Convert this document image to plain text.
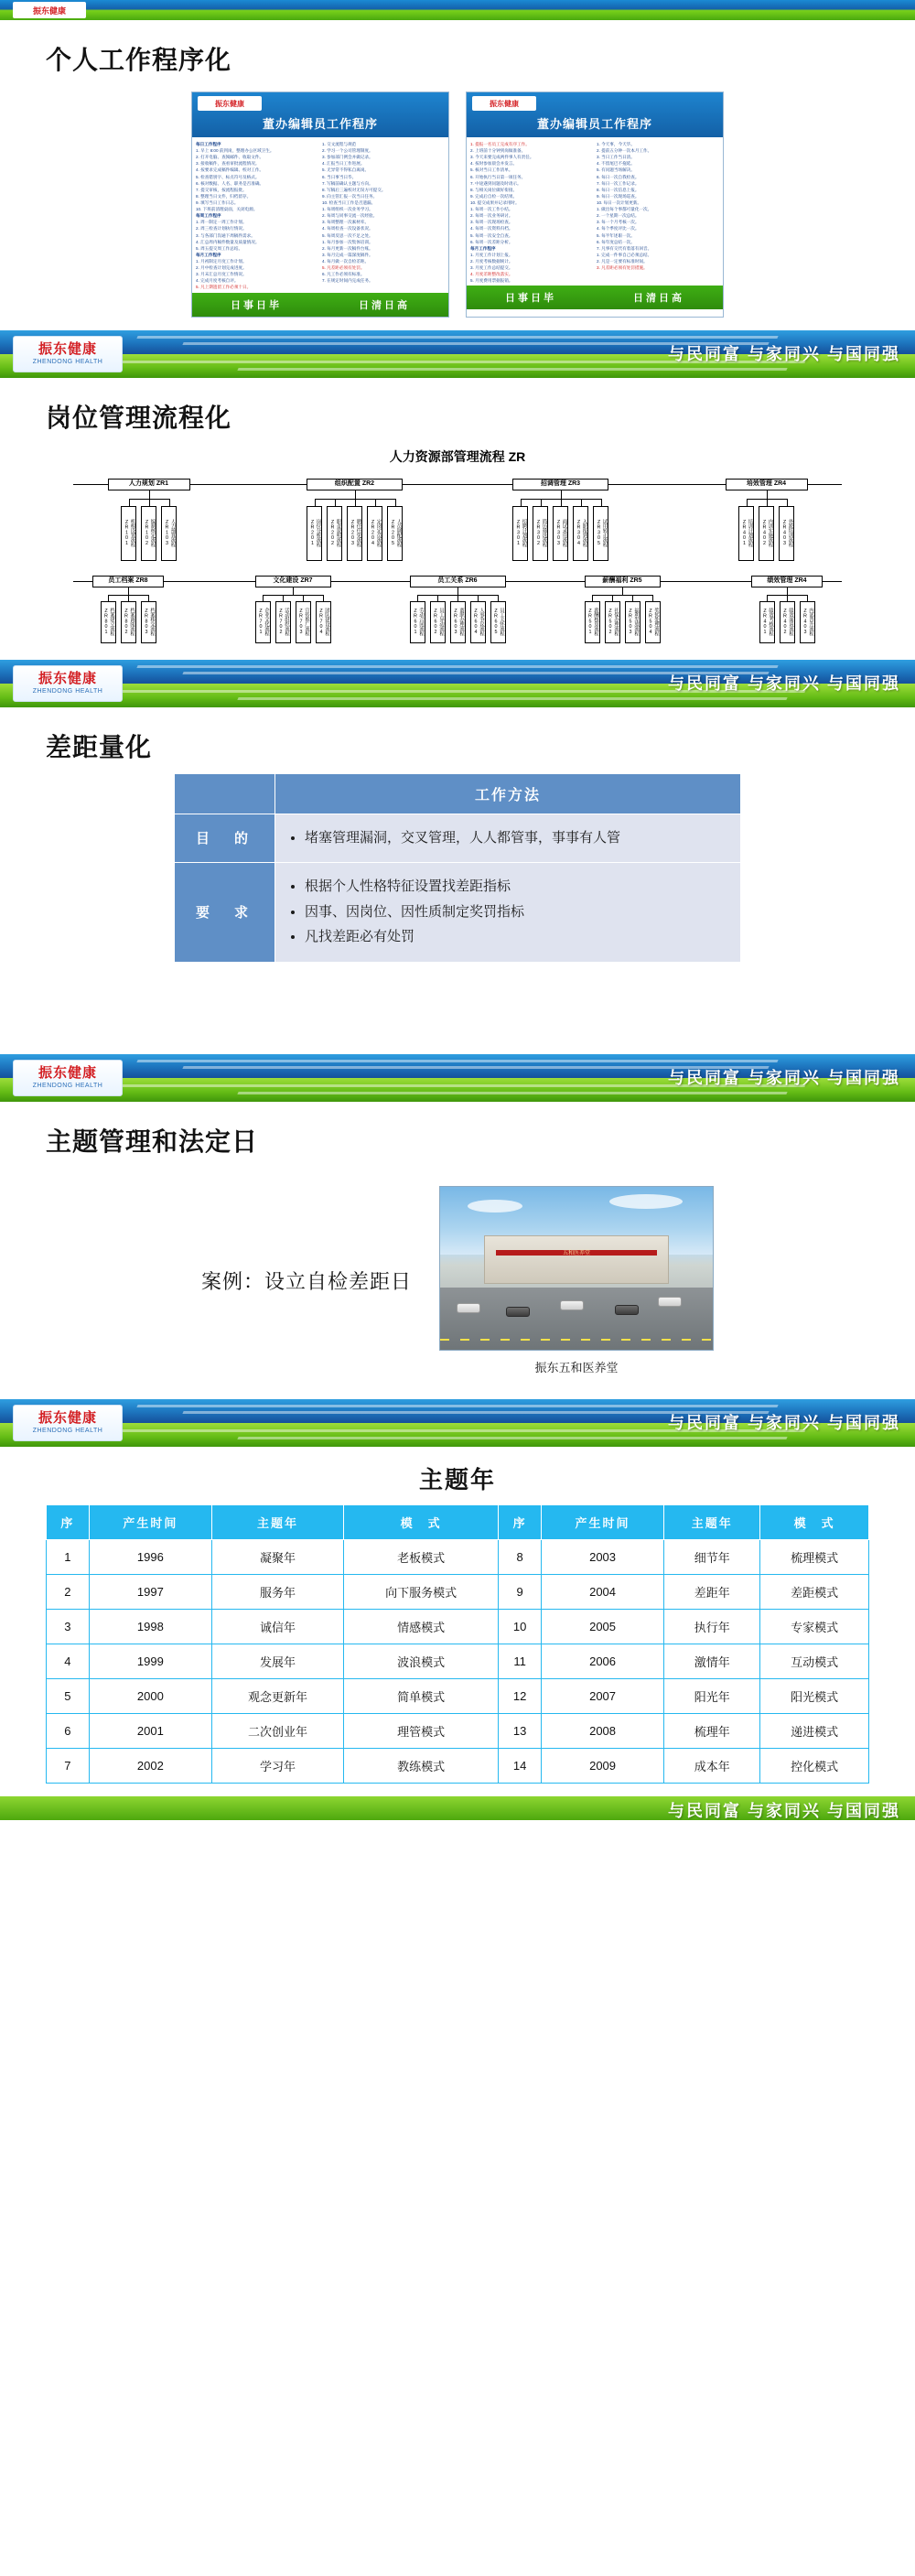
振东健康
个人工作程序化
振东健康
董办编辑员工作程序
每日工作程序
1. 早上 8:00 前到岗，整理办公区域卫生。
2. 打开电脑、查阅邮件、收取文件。
3. 接收稿件，查看审批流程情况。
4. 按要求完成稿件编辑、校对工作。
5. 检查错别字、标点符号及格式。
6. 核对数据、人名、职务是否准确。
7. 提交审核，按流程报批。
8. 整理当日文件，归档留存。
9. 填写当日工作日志。
10. 下班前清理桌面，关闭电源。
每周工作程序
1. 周一制定一周工作计划。
2. 周三检查计划执行情况。
3. 与各部门沟通下周稿件需求。
4. 汇总周内稿件数量及质量情况。
5. 周五提交周工作总结。
每月工作程序
1. 月初制定月度工作计划。
2. 月中检查计划完成进度。
3. 月末汇总月度工作情况。
4. 完成月度考核自评。
5. 凡上期遗留工作必须十日。
1. 交文流程与规范
2. 学习一个公司管理制度。
3. 参加部门例会并做记录。
4. 汇报当日工作进展。
5. 无异常不得私自离岗。
6. 当日事当日毕。
7. 写稿前确认主题与方向。
8. 写稿后三遍校对无误方可提交。
9. 向主管汇报一次当日任务。
10. 检查当日工作是否遗漏。
1. 每周组织一次业务学习。
2. 每周与同事交流一次经验。
3. 每周整理一次素材库。
4. 每周检查一次设备状况。
5. 每周反思一次不足之处。
1. 每月参加一次集体培训。
2. 每月更新一次稿件台账。
3. 每月完成一篇深度稿件。
4. 每月做一次自检差距。
5. 凡差距必须有处罚。
6. 凡工作必须有标准。
7. 在规定时间内完成任务。
日事日毕	日清日高
振东健康
董办编辑员工作程序
1. 提报一名员工完成有序工作。
2. 上班前十分钟到岗做准备。
3. 今天来要完成两件事人有责任。
4. 按时参加晨会并发言。
5. 核对当日工作清单。
6. 开始执行当日第一项任务。
7. 中途遇到问题及时请示。
8. 与相关岗位做好衔接。
9. 完成后自检一次结果。
10. 提交成果并记录用时。
1. 每周一次工作小结。
2. 每周一次业务研讨。
3. 每周一次现场检查。
4. 每周一次资料归档。
5. 每周一次安全自查。
6. 每周一次差距分析。
每月工作程序
1. 月度工作计划上报。
2. 月度考核数据统计。
3. 月度工作总结提交。
4. 月度差距整改落实。
5. 月度费用票据报销。
1. 今天事，今天毕。
2. 提前五分钟一次本月工作。
3. 当日工作当日清。
4. 不留尾巴不拖延。
5. 有问题当场解决。
6. 每日一次自我检查。
7. 每日一次工作记录。
8. 每日一次信息上报。
9. 每日一次现场巡查。
10. 每日一次计划更新。
1. 做出每个事都可量化一次。
2. 一个星期一次总结。
3. 每一个月考核一次。
4. 每个季度评比一次。
5. 每半年述职一次。
6. 每年度总结一次。
7. 凡事有交代有着落有回音。
1. 完成一件事自己必须总结。
2. 凡是一定要有标准时间。
3. 凡差距必须有处罚措施。
日事日毕	日清日高
振东健康
ZHENDONG HEALTH	与民同富 与家同兴 与国同强
岗位管理流程化
人力资源部管理流程 ZR
人力规划 ZR1
机构设置流程 ZR101	编制核定流程 ZR102	人力预算流程 ZR103
组织配置 ZR2
岗位分析流程 ZR201	职责说明流程 ZR202	聘任任免流程 ZR203	定岗定员流程 ZR204	人员调配流程 ZR205
招调管理 ZR3
招聘计划流程 ZR301	简历筛选流程 ZR302	面试录用流程 ZR303	入职报到流程 ZR304	试用转正流程 ZR305
培效管理 ZR4
培训计划流程 ZR401	内训实施流程 ZR402	外派培训流程 ZR403
员工档案 ZR8
档案建立流程 ZR801	档案调阅流程 ZR802	档案移交流程 ZR803
文化建设 ZR7
企业文化流程 ZR701	活动组织流程 ZR702	宣传推广流程 ZR703	团队建设流程 ZR704
员工关系 ZR6
劳动合同流程 ZR601	员工异动流程 ZR602	离职办理流程 ZR603	人事争议流程 ZR604	员工关怀流程 ZR605
薪酬福利 ZR5
薪酬核算流程 ZR501	社保办理流程 ZR502	福利发放流程 ZR503	奖惩处理流程 ZR504
绩效管理 ZR4
绩效考核流程 ZR401	绩效面谈流程 ZR402	内部晋升流程 ZR403
振东健康
ZHENDONG HEALTH	与民同富 与家同兴 与国同强
差距量化
	工作方法
目　的	
•堵塞管理漏洞，交叉管理，人人都管事，事事有人管

要　求	
• 根据个人性格特征设置找差距指标
• 因事、因岗位、因性质制定奖罚指标
• 凡找差距必有处罚
振东健康
ZHENDONG HEALTH	与民同富 与家同兴 与国同强
主题管理和法定日
案例：设立自检差距日
五和医养堂
振东五和医养堂
振东健康
ZHENDONG HEALTH	与民同富 与家同兴 与国同强
主题年
序	产生时间	主题年	模　式	序	产生时间	主题年	模　式
1	1996	凝聚年	老板模式	8	2003	细节年	梳理模式
2	1997	服务年	向下服务模式	9	2004	差距年	差距模式
3	1998	诚信年	情感模式	10	2005	执行年	专家模式
4	1999	发展年	波浪模式	11	2006	激情年	互动模式
5	2000	观念更新年	简单模式	12	2007	阳光年	阳光模式
6	2001	二次创业年	理管模式	13	2008	梳理年	递进模式
7	2002	学习年	教练模式	14	2009	成本年	控化模式
与民同富 与家同兴 与国同强
